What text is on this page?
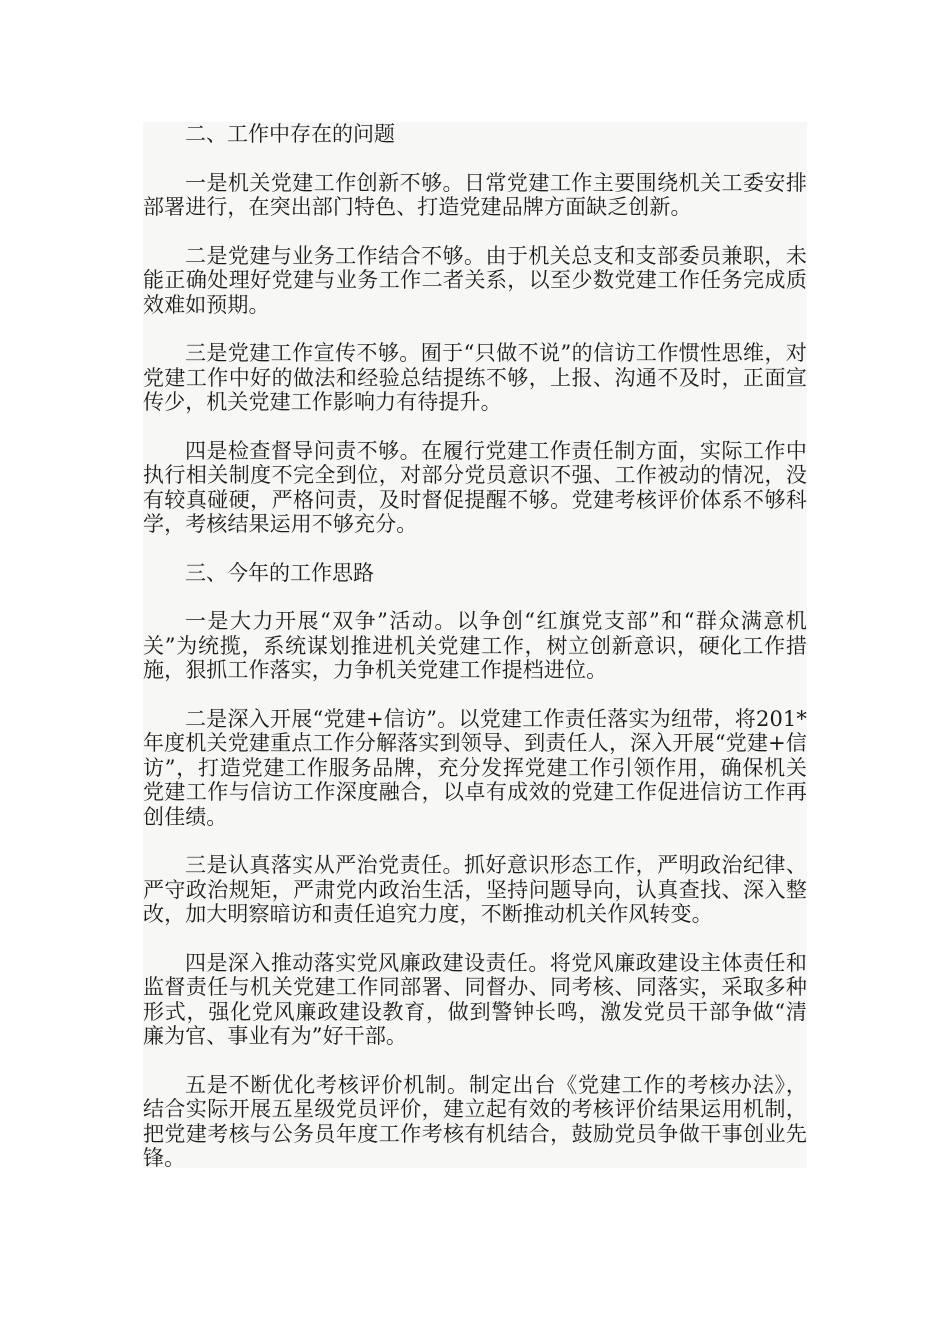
二、工作中存在的问题

一是机关党建工作创新不够。日常党建工作主要围绕机关工委安排部署进行，在突出部门特色、打造党建品牌方面缺乏创新。

二是党建与业务工作结合不够。由于机关总支和支部委员兼职，未能正确处理好党建与业务工作二者关系，以至少数党建工作任务完成质效难如预期。

三是党建工作宣传不够。囿于“只做不说”的信访工作惯性思维，对党建工作中好的做法和经验总结提练不够，上报、沟通不及时，正面宣传少，机关党建工作影响力有待提升。

四是检查督导问责不够。在履行党建工作责任制方面，实际工作中执行相关制度不完全到位，对部分党员意识不强、工作被动的情况，没有较真碰硬，严格问责，及时督促提醒不够。党建考核评价体系不够科学，考核结果运用不够充分。

三、今年的工作思路

一是大力开展“双争”活动。以争创“红旗党支部”和“群众满意机关”为统揽，系统谋划推进机关党建工作，树立创新意识，硬化工作措施，狠抓工作落实，力争机关党建工作提档进位。

二是深入开展“党建+信访”。以党建工作责任落实为纽带，将201*年度机关党建重点工作分解落实到领导、到责任人，深入开展“党建+信访”，打造党建工作服务品牌，充分发挥党建工作引领作用，确保机关党建工作与信访工作深度融合，以卓有成效的党建工作促进信访工作再创佳绩。

三是认真落实从严治党责任。抓好意识形态工作，严明政治纪律、严守政治规矩，严肃党内政治生活，坚持问题导向，认真查找、深入整改，加大明察暗访和责任追究力度，不断推动机关作风转变。

四是深入推动落实党风廉政建设责任。将党风廉政建设主体责任和监督责任与机关党建工作同部署、同督办、同考核、同落实，采取多种形式，强化党风廉政建设教育，做到警钟长鸣，激发党员干部争做“清廉为官、事业有为”好干部。

五是不断优化考核评价机制。制定出台《党建工作的考核办法》，结合实际开展五星级党员评价，建立起有效的考核评价结果运用机制，把党建考核与公务员年度工作考核有机结合，鼓励党员争做干事创业先锋。
